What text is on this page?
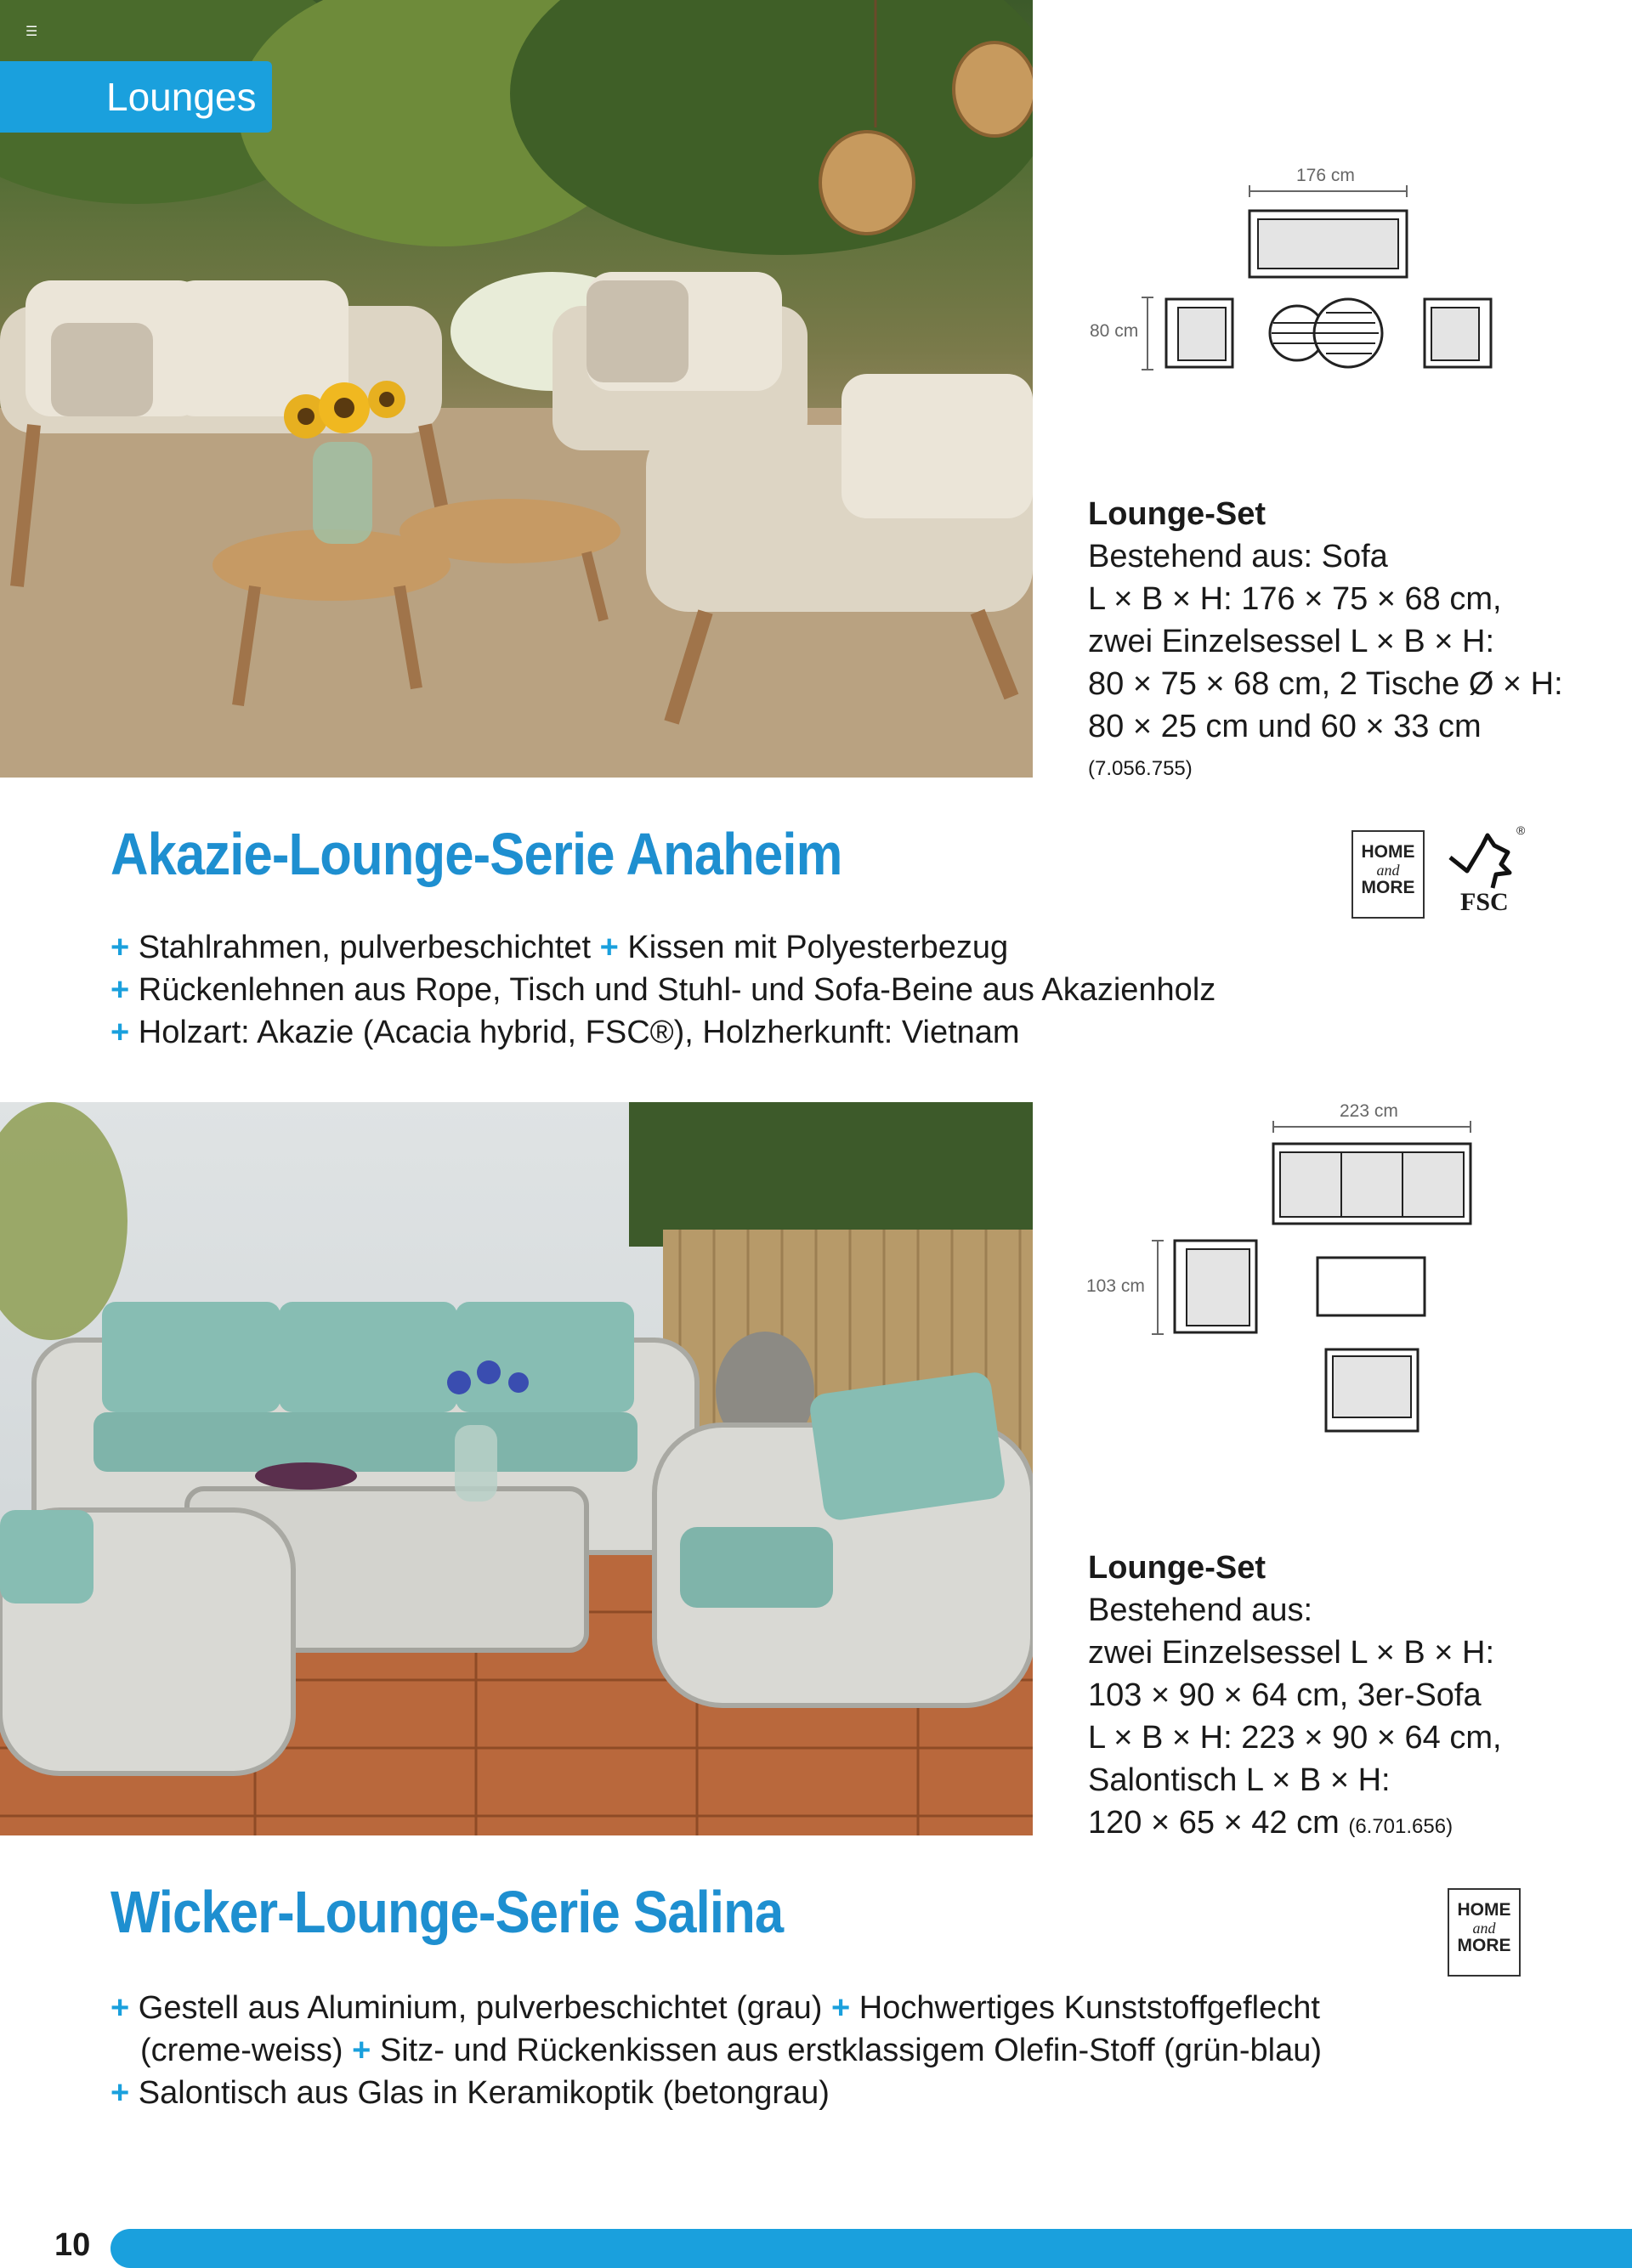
☰
Lounges
176 cm
80 cm
Lounge-Set
Bestehend aus: Sofa
L × B × H: 176 × 75 × 68 cm,
zwei Einzelsessel L × B × H:
80 × 75 × 68 cm, 2 Tische Ø × H:
80 × 25 cm und 60 × 33 cm
(7.056.755)
Akazie-Lounge-Serie Anaheim
+ Stahlrahmen, pulverbeschichtet + Kissen mit Polyesterbezug
+ Rückenlehnen aus Rope, Tisch und Stuhl- und Sofa-Beine aus Akazienholz
+ Holzart: Akazie (Acacia hybrid, FSC®), Holzherkunft: Vietnam
HOME
and
MORE
®
FSC
223 cm
103 cm
Lounge-Set
Bestehend aus:
zwei Einzelsessel L × B × H:
103 × 90 × 64 cm, 3er-Sofa
L × B × H: 223 × 90 × 64 cm,
Salontisch L × B × H:
120 × 65 × 42 cm (6.701.656)
Wicker-Lounge-Serie Salina	HOME
and
MORE
+ Gestell aus Aluminium, pulverbeschichtet (grau) + Hochwertiges Kunststoffgeflecht
(creme-weiss) + Sitz- und Rückenkissen aus erstklassigem Olefin-Stoff (grün-blau)
+ Salontisch aus Glas in Keramikoptik (betongrau)
10
